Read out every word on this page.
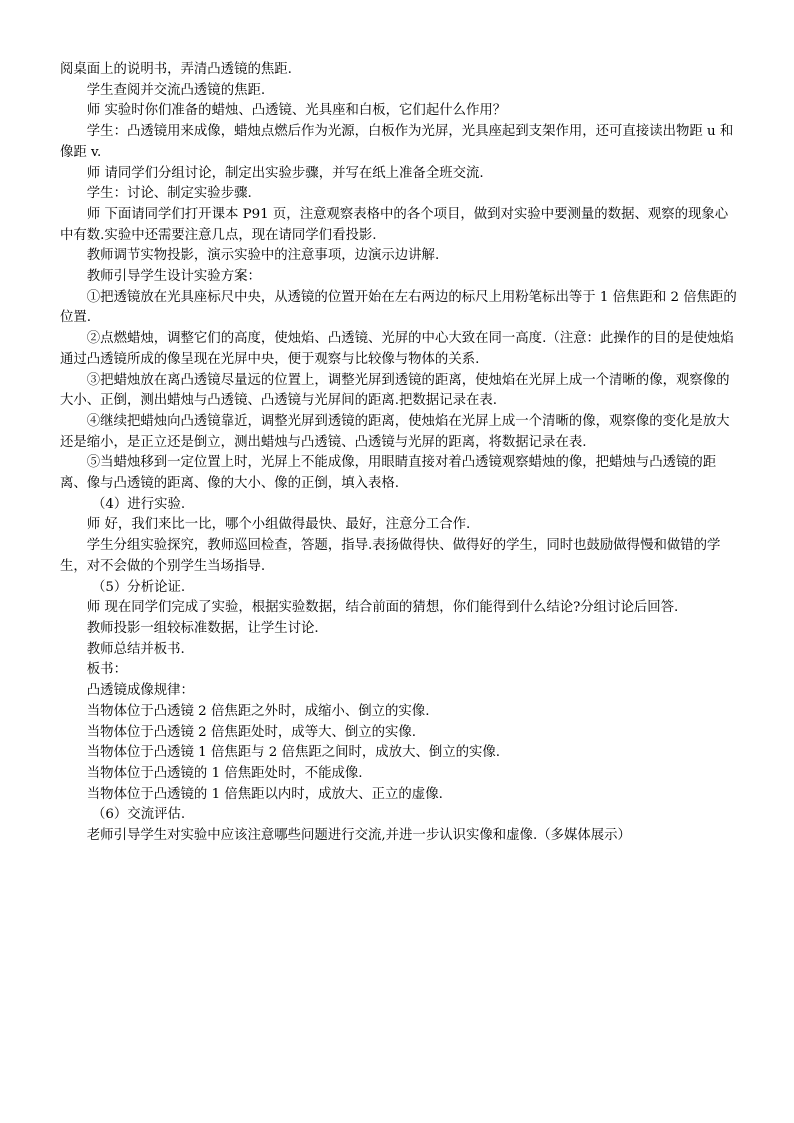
阅桌面上的说明书，弄清凸透镜的焦距.

学生查阅并交流凸透镜的焦距.

师 实验时你们准备的蜡烛、凸透镜、光具座和白板，它们起什么作用？

学生：凸透镜用来成像，蜡烛点燃后作为光源，白板作为光屏，光具座起到支架作用，还可直接读出物距 u 和像距 v.

师 请同学们分组讨论，制定出实验步骤，并写在纸上准备全班交流.

学生：讨论、制定实验步骤.

师 下面请同学们打开课本 P91 页，注意观察表格中的各个项目，做到对实验中要测量的数据、观察的现象心中有数.实验中还需要注意几点，现在请同学们看投影.

教师调节实物投影，演示实验中的注意事项，边演示边讲解.

教师引导学生设计实验方案：

①把透镜放在光具座标尺中央，从透镜的位置开始在左右两边的标尺上用粉笔标出等于 1 倍焦距和 2 倍焦距的位置.

②点燃蜡烛，调整它们的高度，使烛焰、凸透镜、光屏的中心大致在同一高度.（注意：此操作的目的是使烛焰通过凸透镜所成的像呈现在光屏中央，便于观察与比较像与物体的关系.

③把蜡烛放在离凸透镜尽量远的位置上，调整光屏到透镜的距离，使烛焰在光屏上成一个清晰的像，观察像的大小、正倒，测出蜡烛与凸透镜、凸透镜与光屏间的距离.把数据记录在表.

④继续把蜡烛向凸透镜靠近，调整光屏到透镜的距离，使烛焰在光屏上成一个清晰的像，观察像的变化是放大还是缩小，是正立还是倒立，测出蜡烛与凸透镜、凸透镜与光屏的距离，将数据记录在表.

⑤当蜡烛移到一定位置上时，光屏上不能成像，用眼睛直接对着凸透镜观察蜡烛的像，把蜡烛与凸透镜的距离、像与凸透镜的距离、像的大小、像的正倒，填入表格.

（4）进行实验.

师 好，我们来比一比，哪个小组做得最快、最好，注意分工合作.

学生分组实验探究，教师巡回检查，答题，指导.表扬做得快、做得好的学生，同时也鼓励做得慢和做错的学生，对不会做的个别学生当场指导.

（5）分析论证.

师 现在同学们完成了实验，根据实验数据，结合前面的猜想，你们能得到什么结论?分组讨论后回答.

教师投影一组较标准数据，让学生讨论.

教师总结并板书.

板书：

凸透镜成像规律：

当物体位于凸透镜 2 倍焦距之外时，成缩小、倒立的实像.

当物体位于凸透镜 2 倍焦距处时，成等大、倒立的实像.

当物体位于凸透镜 1 倍焦距与 2 倍焦距之间时，成放大、倒立的实像.

当物体位于凸透镜的 1 倍焦距处时，不能成像.

当物体位于凸透镜的 1 倍焦距以内时，成放大、正立的虚像.

（6）交流评估.

老师引导学生对实验中应该注意哪些问题进行交流,并进一步认识实像和虚像.（多媒体展示）
